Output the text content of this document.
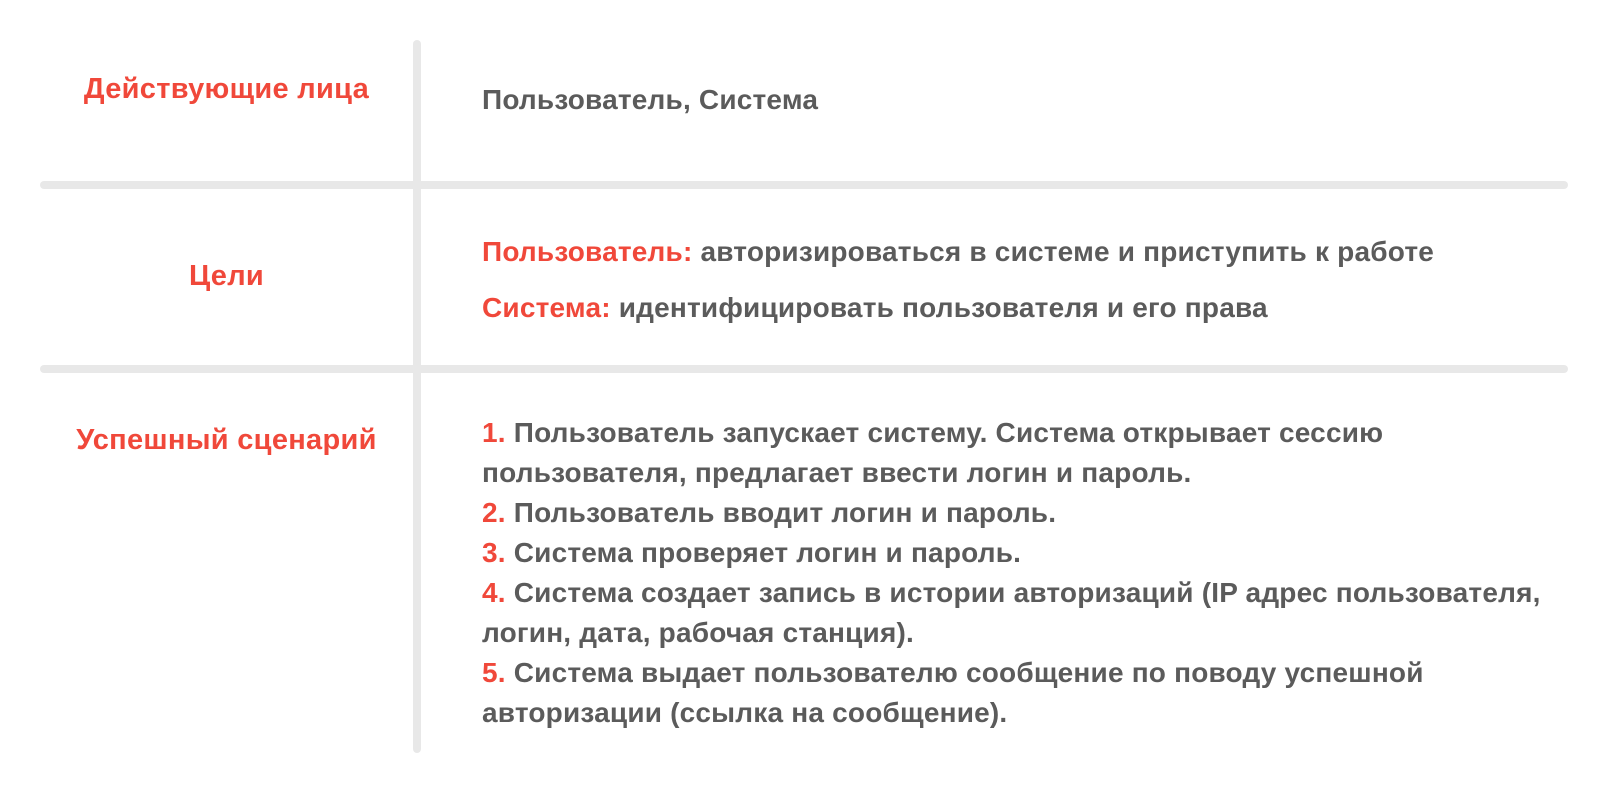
Действующие лица	Пользователь, Система
Цели

Пользователь: авторизироваться в системе и приступить к работе

Система: идентифицировать пользователя и его права

Успешный сценарий	1. Пользователь запускает систему. Система открывает сессию пользователя, предлагает ввести логин и пароль.

2. Пользователь вводит логин и пароль.

3. Система проверяет логин и пароль.

4. Система создает запись в истории авторизаций (IP адрес пользователя, логин, дата, рабочая станция).

5. Система выдает пользователю сообщение по поводу успешной авторизации (ссылка на сообщение).
